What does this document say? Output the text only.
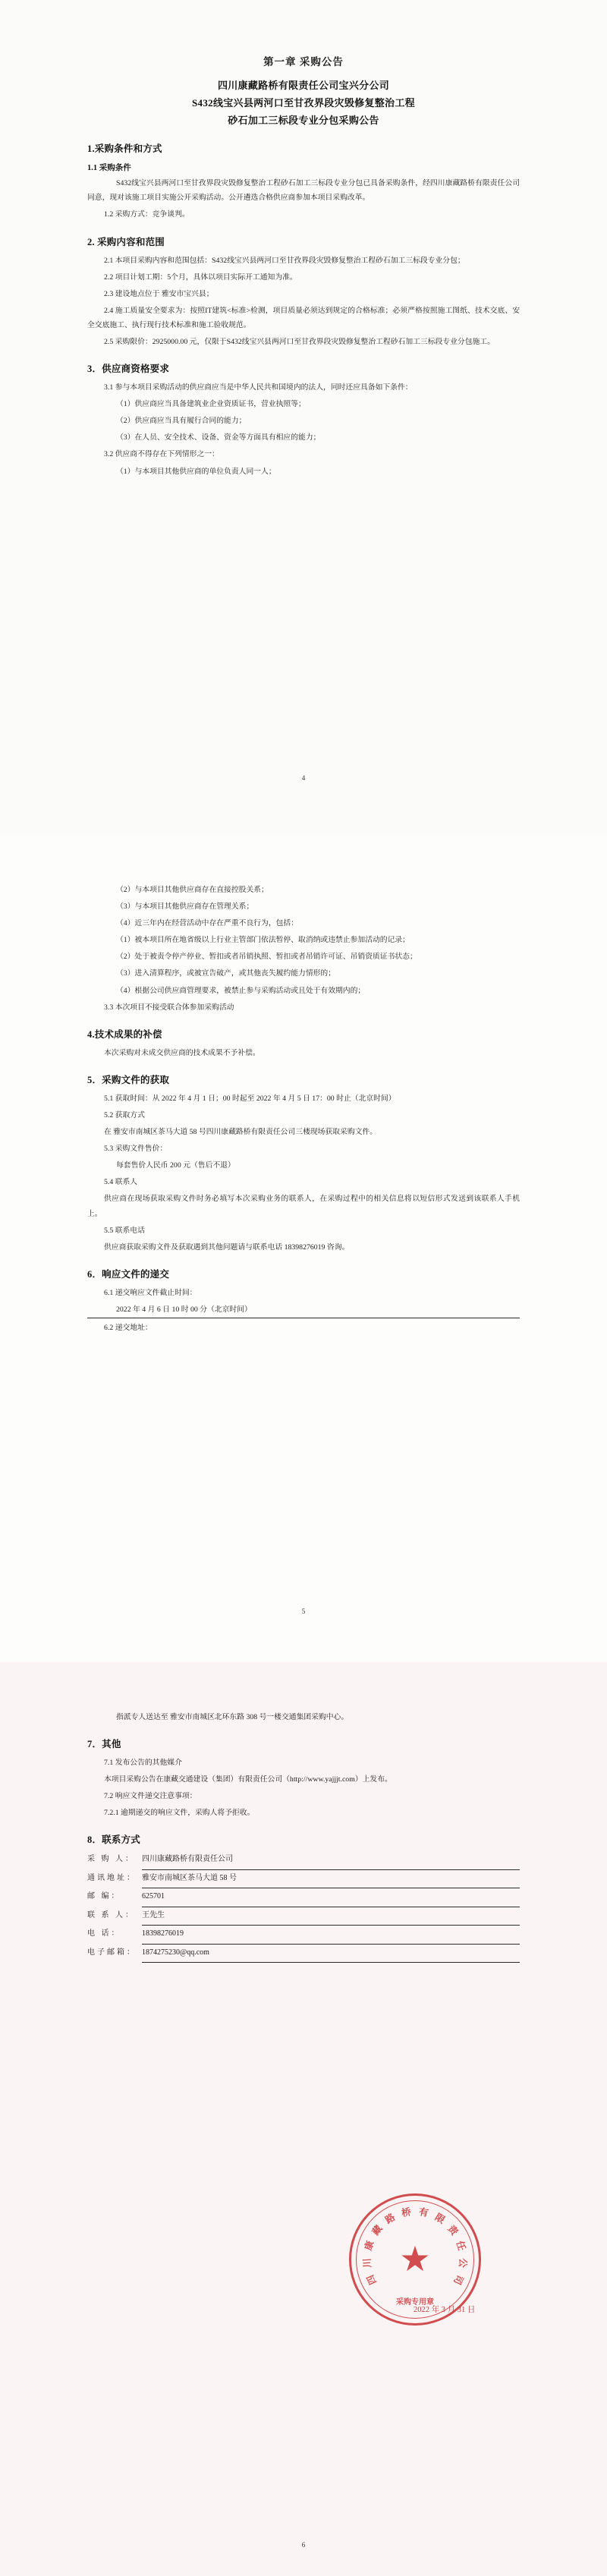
第一章 采购公告
四川康藏路桥有限责任公司宝兴分公司
S432线宝兴县两河口至甘孜界段灾毁修复整治工程
砂石加工三标段专业分包采购公告
1.采购条件和方式
1.1 采购条件

S432线宝兴县两河口至甘孜界段灾毁修复整治工程砂石加工三标段专业分包已具备采购条件，经四川康藏路桥有限责任公司同意，现对该施工项目实施公开采购活动。公开遴选合格供应商参加本项目采购改革。

1.2 采购方式：竞争谈判。

2. 采购内容和范围

2.1 本项目采购内容和范围包括：S432线宝兴县两河口至甘孜界段灾毁修复整治工程砂石加工三标段专业分包；

2.2 项目计划工期：5个月，具体以项目实际开工通知为准。

2.3 建设地点位于 雅安市宝兴县；

2.4 施工质量安全要求为：按照IT建筑<标准>检测，项目质量必须达到规定的合格标准；必须严格按照施工图纸、技术交底、安全交底施工、执行现行技术标准和施工验收规范。

2.5 采购限价：2925000.00 元，仅限于S432线宝兴县两河口至甘孜界段灾毁修复整治工程砂石加工三标段专业分包施工。

3．供应商资格要求

3.1 参与本项目采购活动的供应商应当是中华人民共和国境内的法人，同时还应具备如下条件：

（1）供应商应当具备建筑业企业资质证书，营业执照等；

（2）供应商应当具有履行合同的能力；

（3）在人员、安全技术、设备、资金等方面具有相应的能力；

3.2 供应商不得存在下列情形之一：

（1）与本项目其他供应商的单位负责人同一人；

4

（2）与本项目其他供应商存在直接控股关系；

（3）与本项目其他供应商存在管理关系；

（4）近三年内在经营活动中存在严重不良行为，包括：

（1）被本项目所在地省级以上行业主管部门依法暂停、取消纳或违禁止参加活动的记录；

（2）处于被责令停产停业、暂扣或者吊销执照、暂扣或者吊销许可证、吊销资质证书状态；

（3）进入清算程序，或被宣告破产，或其他丧失履约能力情形的；

（4）根据公司供应商管理要求，被禁止参与采购活动或且处于有效期内的；

3.3 本次项目不接受联合体参加采购活动

4.技术成果的补偿

本次采购对未成交供应商的技术成果不予补偿。

5．采购文件的获取

5.1 获取时间：从 2022 年 4 月 1 日；00 时起至 2022 年 4 月 5 日 17：00 时止（北京时间）

5.2 获取方式

在 雅安市南城区茶马大道 58 号四川康藏路桥有限责任公司三楼现场获取采购文件。

5.3 采购文件售价：

每套售价人民币 200 元（售后不退）

5.4 联系人

供应商在现场获取采购文件时务必填写本次采购业务的联系人，在采购过程中的相关信息将以短信形式发送到该联系人手机上。

5.5 联系电话

供应商获取采购文件及获取遇到其他问题请与联系电话 18398276019 咨询。

6．响应文件的递交

6.1 递交响应文件截止时间：

2022 年 4 月 6 日 10 时 00 分（北京时间）

6.2 递交地址：

5

指派专人送达至 雅安市南城区北环东路 308 号一楼交通集团采购中心。

7．其他

7.1 发布公告的其他媒介

本项目采购公告在康藏交通建设（集团）有限责任公司（http://www.yajjjt.com）上发布。

7.2 响应文件递交注意事项：

7.2.1 逾期递交的响应文件，采购人将予拒收。

8．联系方式
采 购 人： 四川康藏路桥有限责任公司
通讯地址： 雅安市南城区茶马大道 58 号
邮 编：	625701
联 系 人： 王先生
电 话：	18398276019
电子邮箱： 1874275230@qq.com
★
四
川
康
藏
路 桥 有 限
责
任
公
司
采购专用章
2022 年 3 月 31 日
6
